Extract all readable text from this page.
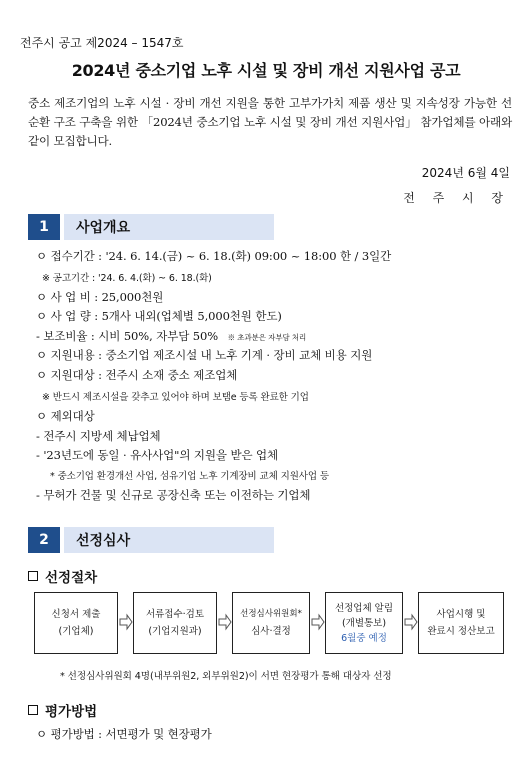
전주시 공고 제2024 – 1547호
2024년 중소기업 노후 시설 및 장비 개선 지원사업 공고
중소 제조기업의 노후 시설 · 장비 개선 지원을 통한 고부가가치 제품 생산 및 지속성장 가능한 선순환 구조 구축을 위한 「2024년 중소기업 노후 시설 및 장비 개선 지원사업」 참가업체를 아래와 같이 모집합니다.
2024년 6월 4일
전 주 시 장
1	사업개요
ㅇ 접수기간 : '24. 6. 14.(금) ~ 6. 18.(화) 09:00 ~ 18:00 한 / 3일간
※ 공고기간 : '24. 6. 4.(화) ~ 6. 18.(화)
ㅇ 사 업 비 : 25,000천원
ㅇ 사 업 량 : 5개사 내외(업체별 5,000천원 한도)
- 보조비율 : 시비 50%, 자부담 50% ※ 초과분은 자부담 처리
ㅇ 지원내용 : 중소기업 제조시설 내 노후 기계 · 장비 교체 비용 지원
ㅇ 지원대상 : 전주시 소재 중소 제조업체
※ 반드시 제조시설을 갖추고 있어야 하며 보탬e 등록 완료한 기업
ㅇ 제외대상
- 전주시 지방세 체납업체
- '23년도에 동일 · 유사사업"의 지원을 받은 업체
* 중소기업 환경개선 사업, 섬유기업 노후 기계장비 교체 지원사업 등
- 무허가 건물 및 신규로 공장신축 또는 이전하는 기업체
2	선정심사
선정절차
신청서 제출
(기업체)
서류접수·검토
(기업지원과)
선정심사위원회*
심사·결정
선정업체 알림
(개별통보)
6월중 예정
사업시행 및
완료시 정산보고
* 선정심사위원회 4명(내부위원2, 외부위원2)이 서면 현장평가 통해 대상자 선정
평가방법
ㅇ 평가방법 : 서면평가 및 현장평가
